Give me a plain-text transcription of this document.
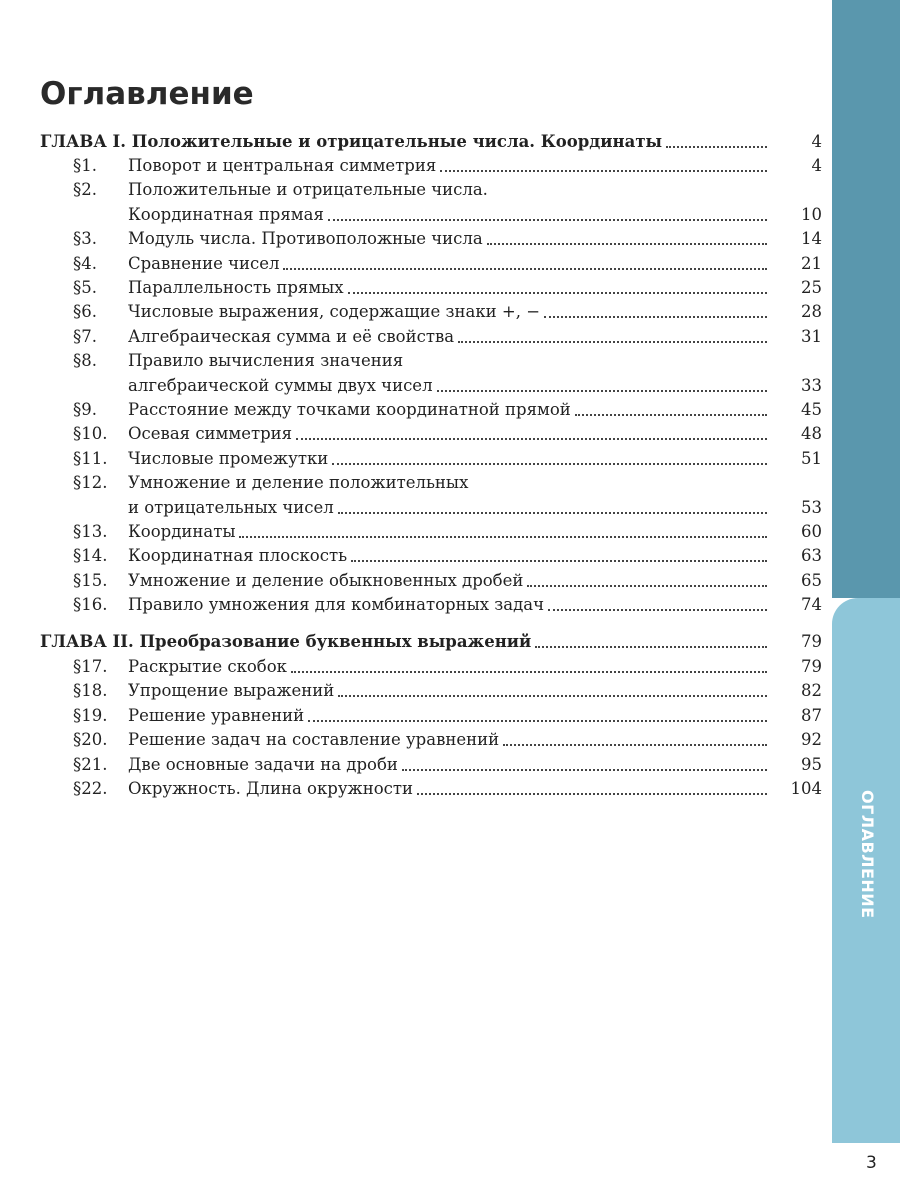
ОГЛАВЛЕНИЕ
3
Оглавление
ГЛАВА I. Положительные и отрицательные числа. Координаты	4
§1. Поворот и центральная симметрия	4
§2. Положительные и отрицательные числа.
Координатная прямая	10
§3. Модуль числа. Противоположные числа	14
§4. Сравнение чисел	21
§5. Параллельность прямых	25
§6. Числовые выражения, содержащие знаки +, −	28
§7. Алгебраическая сумма и её свойства	31
§8. Правило вычисления значения
алгебраической суммы двух чисел	33
§9. Расстояние между точками координатной прямой	45
§10. Осевая симметрия	48
§11. Числовые промежутки	51
§12. Умножение и деление положительных
и отрицательных чисел	53
§13. Координаты	60
§14. Координатная плоскость	63
§15. Умножение и деление обыкновенных дробей	65
§16. Правило умножения для комбинаторных задач	74
ГЛАВА II. Преобразование буквенных выражений	79
§17. Раскрытие скобок	79
§18. Упрощение выражений	82
§19. Решение уравнений	87
§20. Решение задач на составление уравнений	92
§21. Две основные задачи на дроби	95
§22. Окружность. Длина окружности	104
